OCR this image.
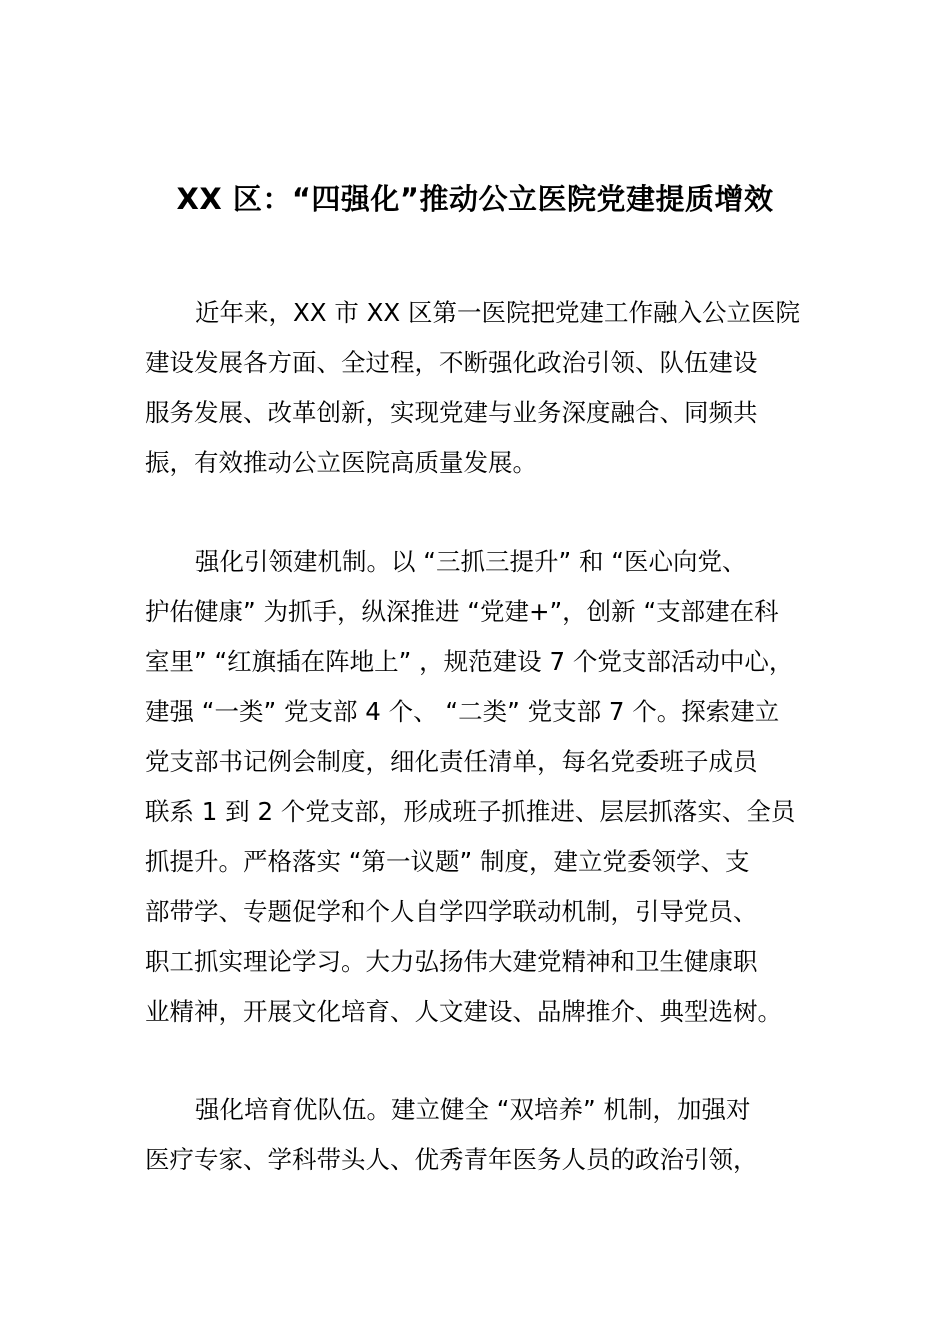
XX 区：“四强化”推动公立医院党建提质增效
近年来，XX 市 XX 区第一医院把党建工作融入公立医院
建设发展各方面、全过程，不断强化政治引领、队伍建设
服务发展、改革创新，实现党建与业务深度融合、同频共
振，有效推动公立医院高质量发展。
强化引领建机制。以 “三抓三提升” 和 “医心向党、
护佑健康” 为抓手，纵深推进 “党建+”，创新 “支部建在科
室里” “红旗插在阵地上” ，规范建设 7 个党支部活动中心，
建强 “一类” 党支部 4 个、 “二类” 党支部 7 个。探索建立
党支部书记例会制度，细化责任清单，每名党委班子成员
联系 1 到 2 个党支部，形成班子抓推进、层层抓落实、全员
抓提升。严格落实 “第一议题” 制度，建立党委领学、支
部带学、专题促学和个人自学四学联动机制，引导党员、
职工抓实理论学习。大力弘扬伟大建党精神和卫生健康职
业精神，开展文化培育、人文建设、品牌推介、典型选树。
强化培育优队伍。建立健全 “双培养” 机制，加强对
医疗专家、学科带头人、优秀青年医务人员的政治引领，
